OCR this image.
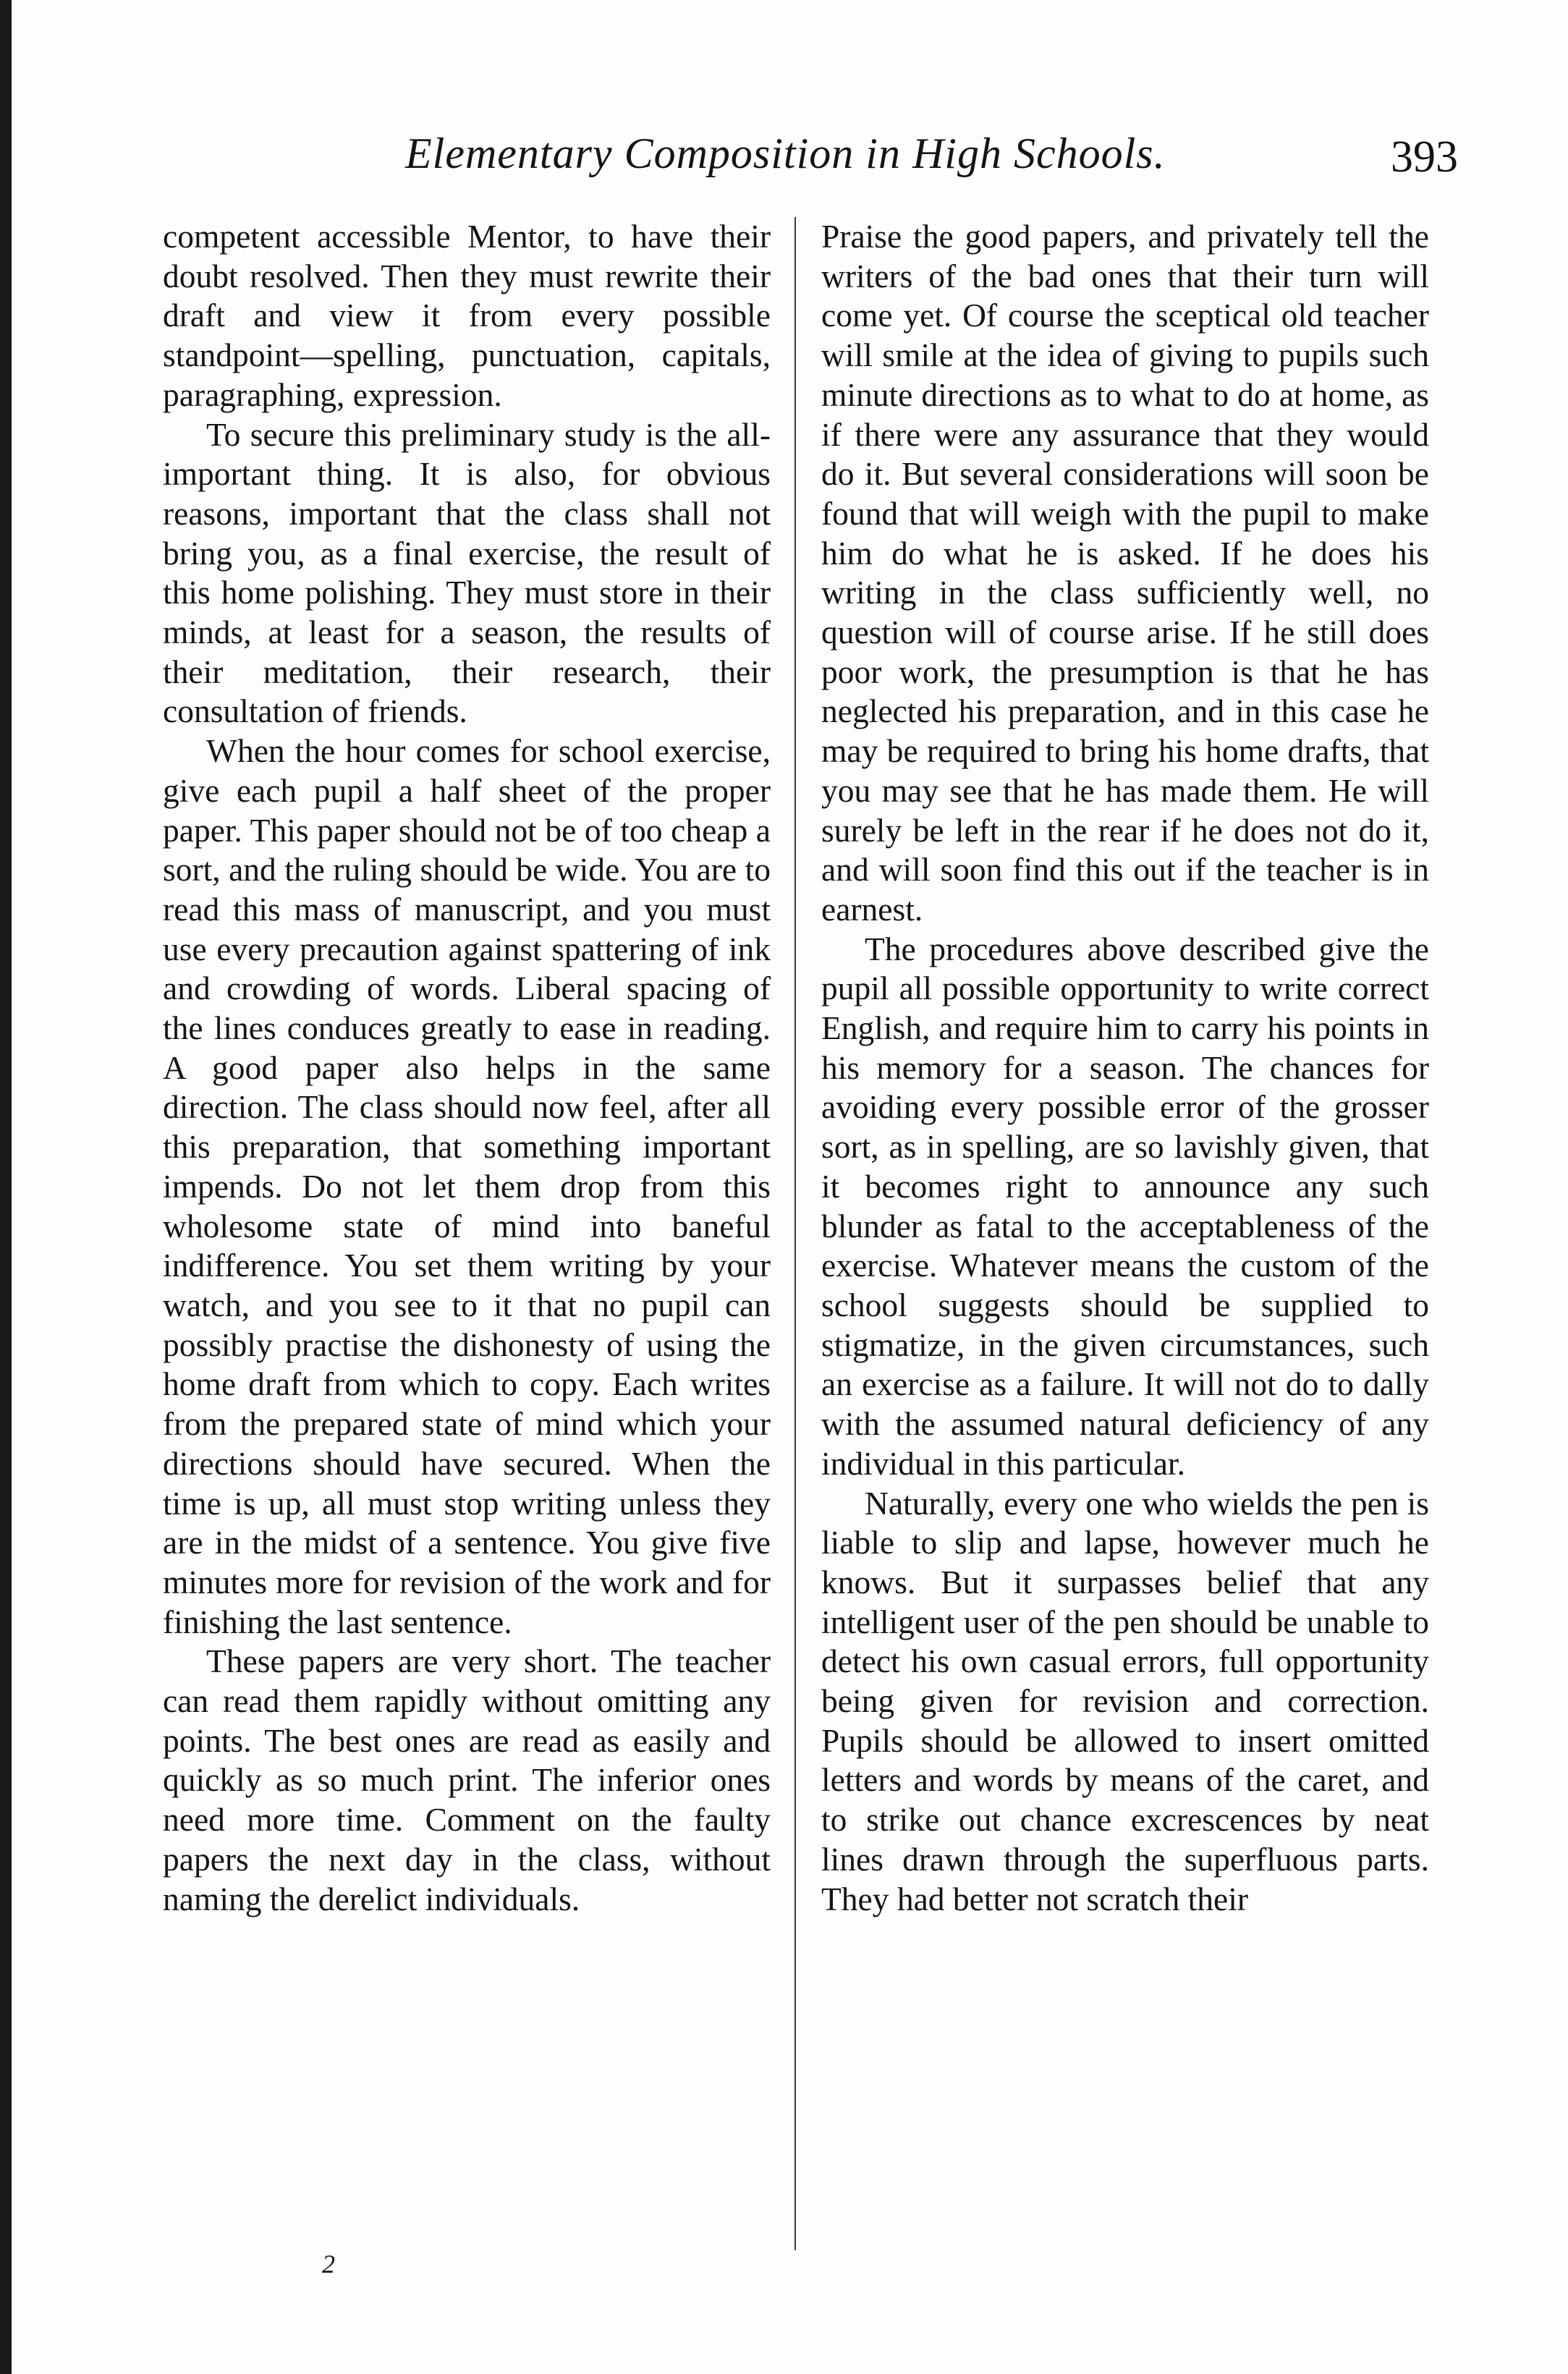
Elementary Composition in High Schools.	393

competent accessible Mentor, to have their doubt resolved. Then they must rewrite their draft and view it from every possible standpoint—spelling, punctuation, capitals, paragraphing, expression.

To secure this preliminary study is the all-important thing. It is also, for obvious reasons, important that the class shall not bring you, as a final exercise, the result of this home polishing. They must store in their minds, at least for a season, the results of their meditation, their research, their consultation of friends.

When the hour comes for school exercise, give each pupil a half sheet of the proper paper. This paper should not be of too cheap a sort, and the ruling should be wide. You are to read this mass of manuscript, and you must use every precaution against spattering of ink and crowding of words. Liberal spacing of the lines conduces greatly to ease in reading. A good paper also helps in the same direction. The class should now feel, after all this preparation, that something important impends. Do not let them drop from this wholesome state of mind into baneful indifference. You set them writing by your watch, and you see to it that no pupil can possibly practise the dishonesty of using the home draft from which to copy. Each writes from the prepared state of mind which your directions should have secured. When the time is up, all must stop writing unless they are in the midst of a sentence. You give five minutes more for revision of the work and for finishing the last sentence.

These papers are very short. The teacher can read them rapidly without omitting any points. The best ones are read as easily and quickly as so much print. The inferior ones need more time. Comment on the faulty papers the next day in the class, without naming the derelict individuals.

Praise the good papers, and privately tell the writers of the bad ones that their turn will come yet. Of course the sceptical old teacher will smile at the idea of giving to pupils such minute directions as to what to do at home, as if there were any assurance that they would do it. But several considerations will soon be found that will weigh with the pupil to make him do what he is asked. If he does his writing in the class sufficiently well, no question will of course arise. If he still does poor work, the presumption is that he has neglected his preparation, and in this case he may be required to bring his home drafts, that you may see that he has made them. He will surely be left in the rear if he does not do it, and will soon find this out if the teacher is in earnest.

The procedures above described give the pupil all possible opportunity to write correct English, and require him to carry his points in his memory for a season. The chances for avoiding every possible error of the grosser sort, as in spelling, are so lavishly given, that it becomes right to announce any such blunder as fatal to the acceptableness of the exercise. Whatever means the custom of the school suggests should be supplied to stigmatize, in the given circumstances, such an exercise as a failure. It will not do to dally with the assumed natural deficiency of any individual in this particular.

Naturally, every one who wields the pen is liable to slip and lapse, however much he knows. But it surpasses belief that any intelligent user of the pen should be unable to detect his own casual errors, full opportunity being given for revision and correction. Pupils should be allowed to insert omitted letters and words by means of the caret, and to strike out chance excrescences by neat lines drawn through the superfluous parts. They had better not scratch their

2
